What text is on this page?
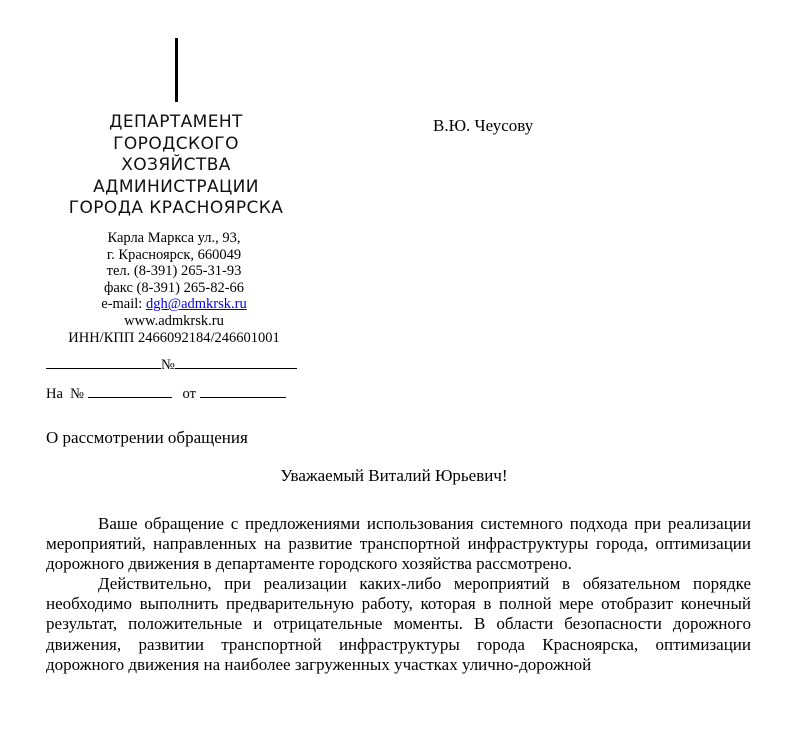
ДЕПАРТАМЕНТ
ГОРОДСКОГО
ХОЗЯЙСТВА
АДМИНИСТРАЦИИ
ГОРОДА КРАСНОЯРСКА
Карла Маркса ул., 93,
г. Красноярск, 660049
тел. (8-391) 265-31-93
факс (8-391) 265-82-66
e-mail: dgh@admkrsk.ru
www.admkrsk.ru
ИНН/КПП 2466092184/246601001
№
На №	от
В.Ю. Чеусову
О рассмотрении обращения
Уважаемый Виталий Юрьевич!

Ваше обращение с предложениями использования системного подхода при реализации мероприятий, направленных на развитие транспортной инфраструктуры города, оптимизации дорожного движения в департаменте городского хозяйства рассмотрено.

Действительно, при реализации каких-либо мероприятий в обязательном порядке необходимо выполнить предварительную работу, которая в полной мере отобразит конечный результат, положительные и отрицательные моменты. В области безопасности дорожного движения, развитии транспортной инфраструктуры города Красноярска, оптимизации дорожного движения на наиболее загруженных участках улично-дорожной
